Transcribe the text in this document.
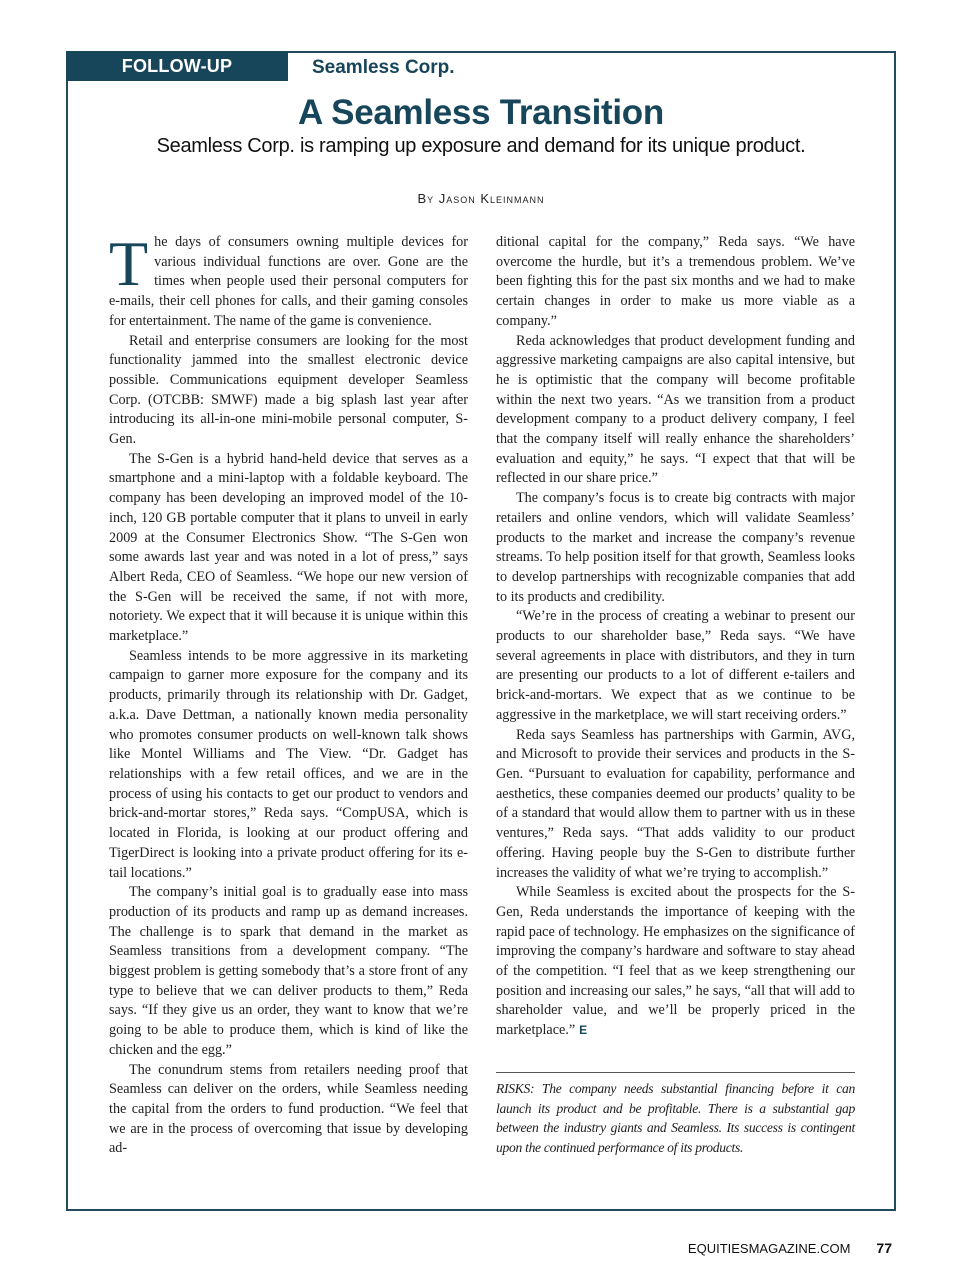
FOLLOW-UP	Seamless Corp.
A Seamless Transition

Seamless Corp. is ramping up exposure and demand for its unique product.

By Jason Kleinmann

The days of consumers owning multiple devices for various individual functions are over. Gone are the times when people used their personal computers for e-mails, their cell phones for calls, and their gaming consoles for entertainment. The name of the game is convenience.

Retail and enterprise consumers are looking for the most functionality jammed into the smallest electronic device possible. Communications equipment developer Seamless Corp. (OTCBB: SMWF) made a big splash last year after introducing its all-in-one mini-mobile personal computer, S-Gen.

The S-Gen is a hybrid hand-held device that serves as a smartphone and a mini-laptop with a foldable keyboard. The company has been developing an improved model of the 10-inch, 120 GB portable computer that it plans to unveil in early 2009 at the Consumer Electronics Show. “The S-Gen won some awards last year and was noted in a lot of press,” says Albert Reda, CEO of Seamless. “We hope our new version of the S-Gen will be received the same, if not with more, notoriety. We expect that it will because it is unique within this marketplace.”

Seamless intends to be more aggressive in its marketing campaign to garner more exposure for the company and its products, primarily through its relationship with Dr. Gadget, a.k.a. Dave Dettman, a nationally known media personality who promotes consumer products on well-known talk shows like Montel Williams and The View. “Dr. Gadget has relationships with a few retail offices, and we are in the process of using his contacts to get our product to vendors and brick-and-mortar stores,” Reda says. “CompUSA, which is located in Florida, is looking at our product offering and TigerDirect is looking into a private product offering for its e-tail locations.”

The company’s initial goal is to gradually ease into mass production of its products and ramp up as demand increases. The challenge is to spark that demand in the market as Seamless transitions from a development company. “The biggest problem is getting somebody that’s a store front of any type to believe that we can deliver products to them,” Reda says. “If they give us an order, they want to know that we’re going to be able to produce them, which is kind of like the chicken and the egg.”

The conundrum stems from retailers needing proof that Seamless can deliver on the orders, while Seamless needing the capital from the orders to fund production. “We feel that we are in the process of overcoming that issue by developing ad-

ditional capital for the company,” Reda says. “We have overcome the hurdle, but it’s a tremendous problem. We’ve been fighting this for the past six months and we had to make certain changes in order to make us more viable as a company.”

Reda acknowledges that product development funding and aggressive marketing campaigns are also capital intensive, but he is optimistic that the company will become profitable within the next two years. “As we transition from a product development company to a product delivery company, I feel that the company itself will really enhance the shareholders’ evaluation and equity,” he says. “I expect that that will be reflected in our share price.”

The company’s focus is to create big contracts with major retailers and online vendors, which will validate Seamless’ products to the market and increase the company’s revenue streams. To help position itself for that growth, Seamless looks to develop partnerships with recognizable companies that add to its products and credibility.

“We’re in the process of creating a webinar to present our products to our shareholder base,” Reda says. “We have several agreements in place with distributors, and they in turn are presenting our products to a lot of different e-tailers and brick-and-mortars. We expect that as we continue to be aggressive in the marketplace, we will start receiving orders.”

Reda says Seamless has partnerships with Garmin, AVG, and Microsoft to provide their services and products in the S-Gen. “Pursuant to evaluation for capability, performance and aesthetics, these companies deemed our products’ quality to be of a standard that would allow them to partner with us in these ventures,” Reda says. “That adds validity to our product offering. Having people buy the S-Gen to distribute further increases the validity of what we’re trying to accomplish.”

While Seamless is excited about the prospects for the S-Gen, Reda understands the importance of keeping with the rapid pace of technology. He emphasizes on the significance of improving the company’s hardware and software to stay ahead of the competition. “I feel that as we keep strengthening our position and increasing our sales,” he says, “all that will add to shareholder value, and we’ll be properly priced in the marketplace.” E

RISKS: The company needs substantial financing before it can launch its product and be profitable. There is a substantial gap between the industry giants and Seamless. Its success is contingent upon the continued performance of its products.

EQUITIESMAGAZINE.COM 77
